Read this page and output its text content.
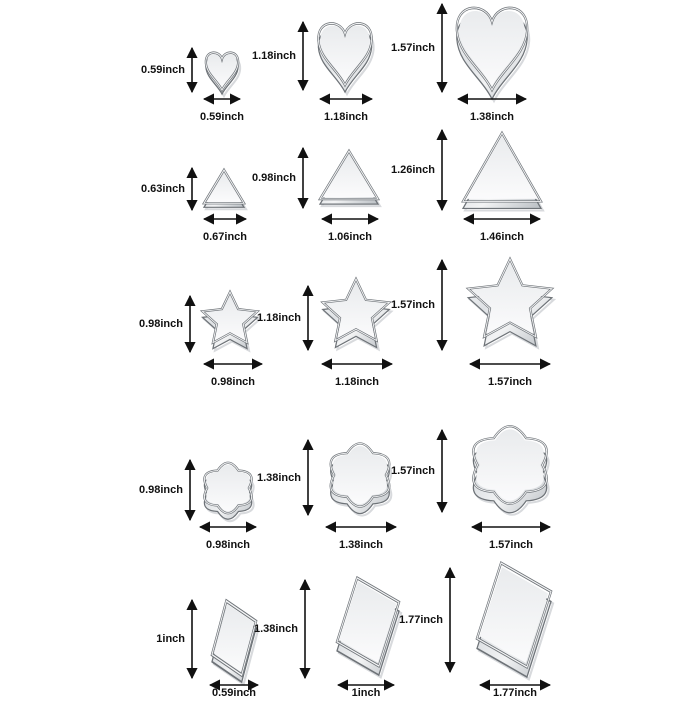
0.59inch
0.59inch
1.18inch
1.18inch
1.57inch
1.38inch
0.63inch
0.67inch
0.98inch
1.06inch
1.26inch
1.46inch
0.98inch
0.98inch
1.18inch
1.18inch
1.57inch
1.57inch
0.98inch
0.98inch
1.38inch
1.38inch
1.57inch
1.57inch
1inch
0.59inch
1.38inch
1inch
1.77inch
1.77inch
